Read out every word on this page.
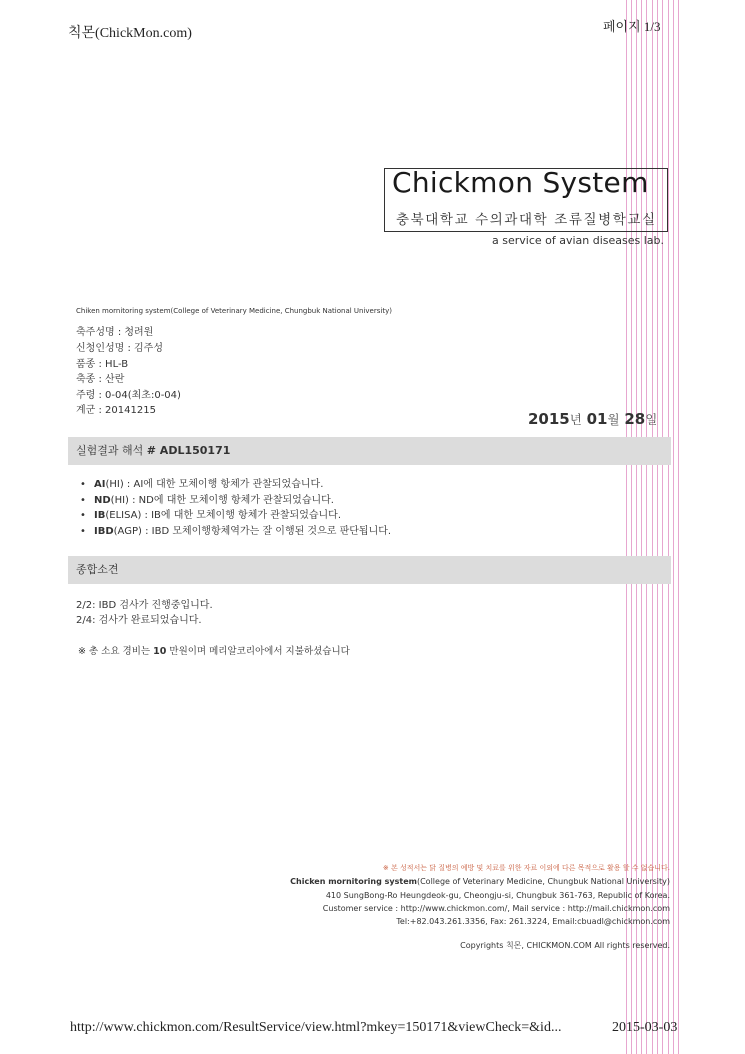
칙몬(ChickMon.com)	페이지 1/3
Chickmon System
충북대학교 수의과대학 조류질병학교실
a service of avian diseases lab.
Chiken mornitoring system(College of Veterinary Medicine, Chungbuk National University)
축주성명 : 청려원
신청인성명 : 김주성
품종 : HL-B
축종 : 산란
주령 : 0-04(최초:0-04)
계군 : 20141215	2015년 01월 28일
실험결과 해석 # ADL150171
• AI(HI) : AI에 대한 모체이행 항체가 관찰되었습니다.
• ND(HI) : ND에 대한 모체이행 항체가 관찰되었습니다.
• IB(ELISA) : IB에 대한 모체이행 항체가 관찰되었습니다.
• IBD(AGP) : IBD 모체이행항체역가는 잘 이행된 것으로 판단됩니다.
종합소견
2/2: IBD 검사가 진행중입니다.
2/4: 검사가 완료되었습니다.
※ 총 소요 경비는 10 만원이며 메리알코리아에서 지불하셨습니다
※ 본 성적서는 닭 질병의 예방 및 치료를 위한 자료 이외에 다른 목적으로 활용 할 수 없습니다.
Chicken mornitoring system(College of Veterinary Medicine, Chungbuk National University)
410 SungBong-Ro Heungdeok-gu, Cheongju-si, Chungbuk 361-763, Republic of Korea.
Customer service : http://www.chickmon.com/, Mail service : http://mail.chickmon.com
Tel:+82.043.261.3356, Fax: 261.3224, Email:cbuadl@chickmon.com
Copyrights 칙몬, CHICKMON.COM All rights reserved.
http://www.chickmon.com/ResultService/view.html?mkey=150171&viewCheck=&id...	2015-03-03
